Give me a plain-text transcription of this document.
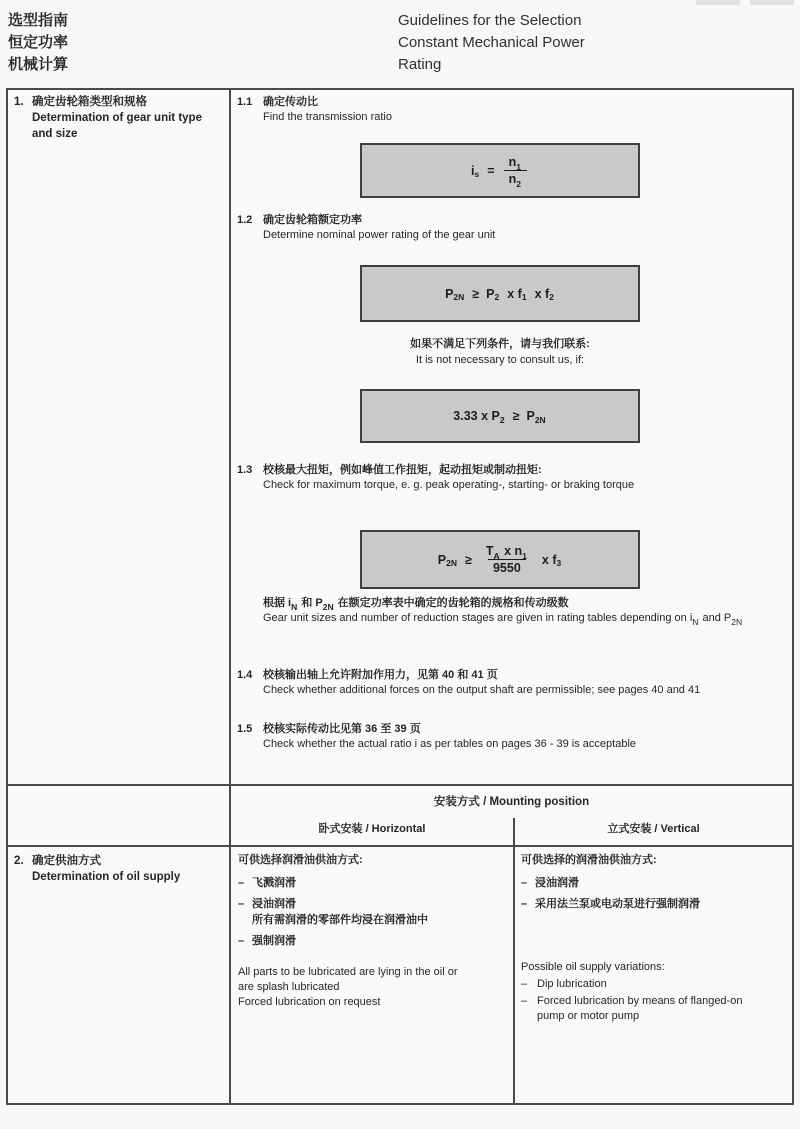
选型指南
恒定功率
机械计算
Guidelines for the Selection
Constant Mechanical Power
Rating
1. 确定齿轮箱类型和规格
Determination of gear unit type and size
1.1 确定传动比
Find the transmission ratio
i $s = \frac{n_1}{n_2}$
1.2 确定齿轮箱额定功率
Determine nominal power rating of the gear unit
P 2N ≥ P 2 x f 1 x f 2
如果不满足下列条件，请与我们联系:
It is not necessary to consult us, if:
3.33 x P 2 ≥ P 2N
1.3 校核最大扭矩，例如峰值工作扭矩，起动扭矩或制动扭矩:
Check for maximum torque, e. g. peak operating-, starting- or braking torque
P $2N \ge \frac{T_A x n_1}{9550}$ x f 3
根据 $i_N$ 和 $P_{2N}$ 在额定功率表中确定的齿轮箱的规格和传动级数
Gear unit sizes and number of reduction stages are given in rating tables depending on $i_N$ and $P_{2N}$
1.4 校核输出轴上允许附加作用力，见第 40 和 41 页
Check whether additional forces on the output shaft are permissible; see pages 40 and 41
1.5 校核实际传动比见第 36 至 39 页
Check whether the actual ratio i as per tables on pages 36 - 39 is acceptable
安装方式 / Mounting position
卧式安装 / Horizontal	立式安装 / Vertical
2. 确定供油方式
Determination of oil supply
可供选择润滑油供油方式:
– 飞溅润滑
– 浸油润滑
所有需润滑的零部件均浸在润滑油中
– 强制润滑
All parts to be lubricated are lying in the oil or
are splash lubricated
Forced lubrication on request
可供选择的润滑油供油方式:
– 浸油润滑
– 采用法兰泵或电动泵进行强制润滑
Possible oil supply variations:
– Dip lubrication
– Forced lubrication by means of flanged-on pump or motor pump
